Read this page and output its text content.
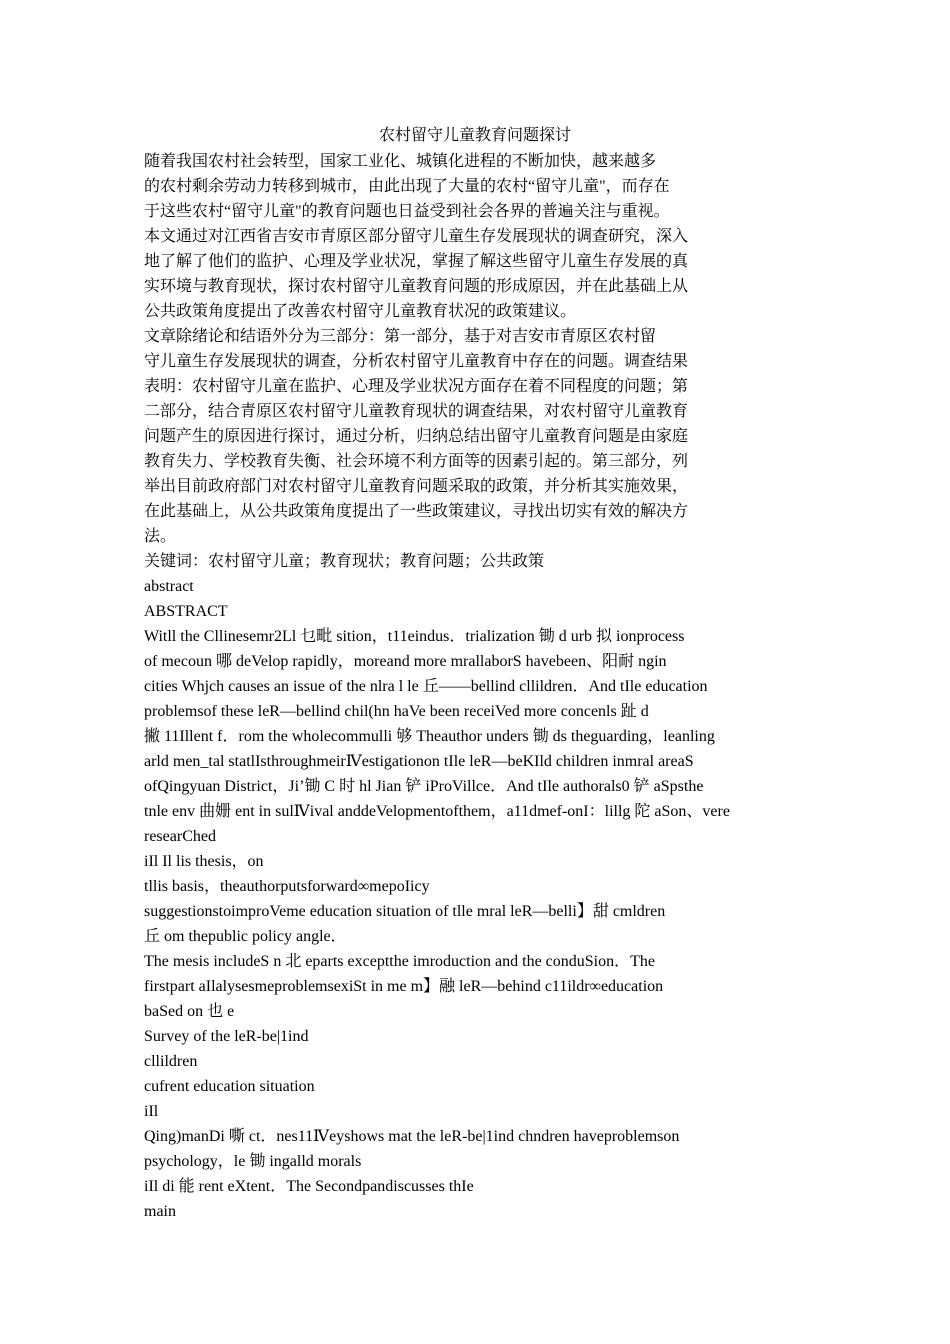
农村留守儿童教育问题探讨
随着我国农村社会转型，国家工业化、城镇化进程的不断加快，越来越多
的农村剩余劳动力转移到城市，由此出现了大量的农村“留守儿童"，而存在
于这些农村“留守儿童"的教育问题也日益受到社会各界的普遍关注与重视。
本文通过对江西省吉安市青原区部分留守儿童生存发展现状的调查研究，深入
地了解了他们的监护、心理及学业状况，掌握了解这些留守儿童生存发展的真
实环境与教育现状，探讨农村留守儿童教育问题的形成原因，并在此基础上从
公共政策角度提出了改善农村留守儿童教育状况的政策建议。
文章除绪论和结语外分为三部分：第一部分，基于对吉安市青原区农村留
守儿童生存发展现状的调查，分析农村留守儿童教育中存在的问题。调查结果
表明：农村留守儿童在监护、心理及学业状况方面存在着不同程度的问题；第
二部分，结合青原区农村留守儿童教育现状的调查结果，对农村留守儿童教育
问题产生的原因进行探讨，通过分析，归纳总结出留守儿童教育问题是由家庭
教育失力、学校教育失衡、社会环境不利方面等的因素引起的。第三部分，列
举出目前政府部门对农村留守儿童教育问题采取的政策，并分析其实施效果，
在此基础上，从公共政策角度提出了一些政策建议，寻找出切实有效的解决方
法。
关键词：农村留守儿童；教育现状；教育问题；公共政策
abstract
ABSTRACT
Witll the Cllinesemr2Ll 乜毗 sition，t11eindus．trialization 锄 d urb 拟 ionprocess
of mecoun 哪 deVelop rapidly，moreand more mrallaborS havebeen、阳耐 ngin
cities Whjch causes an issue of the nlra l le 丘——bellind cllildren．And tIle education
problemsof these leR—bellind chil(hn haVe been receiVed more concenls 趾 d
撇 11Illent f．rom the wholecommulli 够 Theauthor unders 锄 ds theguarding，leanling
arld men_tal statlIsthroughmeirⅣestigationon tIle leR—beKIld children inmral areaS
ofQingyuan District，Ji’锄 C 时 hl Jian 铲 iProVillce．And tIle authorals0 铲 aSpsthe
tnle env 曲姗 ent in sulⅣival anddeVelopmentofthem，a11dmef-onI：lillg 陀 aSon、vere
researChed
iIl Il lis thesis，on
tllis basis，theauthorputsforward∞mepoIicy
suggestionstoimproVeme education situation of tlle mral leR—belli】甜 cmldren
丘 om thepublic policy angle．
The mesis includeS n 北 eparts exceptthe imroduction and the conduSion．The
firstpart aIlalysesmeproblemsexiSt in me m】融 leR—behind c11ildr∞education
baSed on 也 e
Survey of the leR-be|1ind
cllildren
cufrent education situation
iIl
Qing)manDi 嘶 ct．nes11Ⅳeyshows mat the leR-be|1ind chndren haveproblemson
psychology，le 锄 ingalld morals
iIl di 能 rent eXtent．The Secondpandiscusses thIe
main
